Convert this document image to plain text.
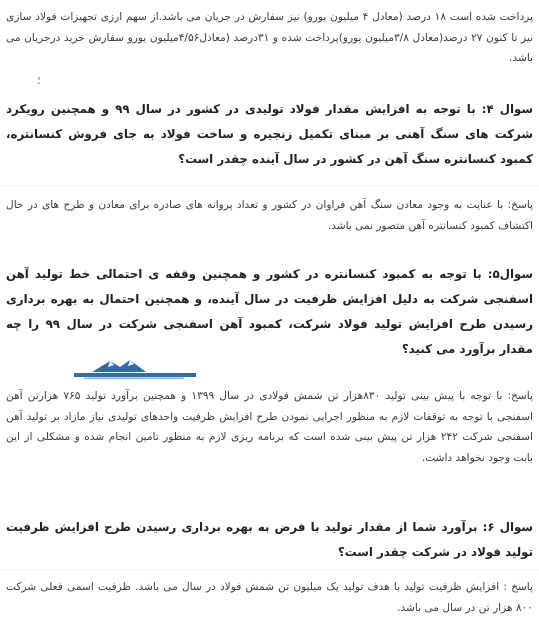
پرداخت شده است ۱۸ درصد (معادل ۴ میلیون یورو) نیز سفارش در جریان می باشد.از سهم ارزی تجهیزات فولاد سازی نیز تا کنون ۲۷ درصد(معادل ۳/۸میلیون یورو)پرداخت شده و ۳۱درصد (معادل۴/۵۶میلیون یورو سفارش خرید درجریان می باشد.
؛
سوال ۴: با توجه به افزایش مقدار فولاد تولیدی در کشور در سال ۹۹ و همچنین رویکرد شرکت های سنگ آهنی بر مبنای تکمیل زنجیره و ساخت فولاد به جای فروش کنسانتره، کمبود کنسانتره سنگ آهن در کشور در سال آینده چقدر است؟
پاسخ: با عنایت به وجود معادن سنگ آهن فراوان در کشور و تعداد پروانه های صادره برای معادن و طرح های در حال اکتشاف کمبود کنسانتره آهن متصور نمی باشد.
سوال۵: با توجه به کمبود کنسانتره در کشور و همچنین وقفه ی احتمالی خط تولید آهن اسفنجی شرکت به دلیل افزایش ظرفیت در سال آینده، و همچنین احتمال به بهره برداری رسیدن طرح افزایش تولید فولاد شرکت، کمبود آهن اسفنجی شرکت در سال ۹۹ را چه مقدار برآورد می کنید؟
پاسخ: با توجه با پیش بینی تولید ۸۳۰هزار تن شمش فولادی در سال ۱۳۹۹ و همچنین برآورد تولید ۷۶۵ هزارتن آهن اسفنجی با توجه به توقفات لازم به منظور اجرایی نمودن طرح افزایش ظرفیت واحدهای تولیدی نیاز مازاد بر تولید آهن اسفنجی شرکت ۲۴۲ هزار تن پیش بینی شده است که برنامه ریزی لازم به منظور تامین انجام شده و مشکلی از این بابت وجود نخواهد داشت.
سوال ۶: برآورد شما از مقدار تولید با فرض به بهره برداری رسیدن طرح افزایش ظرفیت تولید فولاد در شرکت چقدر است؟
پاسخ : افزایش ظرفیت تولید با هدف تولید یک میلیون تن شمش فولاد در سال می باشد. ظرفیت اسمی فعلی شرکت ۸۰۰ هزار تن در سال می باشد.
